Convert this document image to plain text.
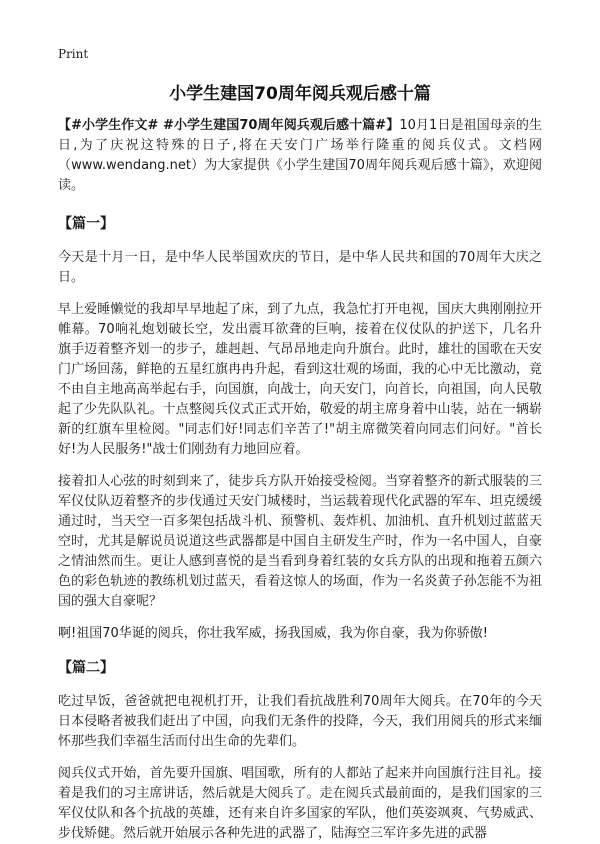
Print
小学生建国70周年阅兵观后感十篇

【#小学生作文# #小学生建国70周年阅兵观后感十篇#】10月1日是祖国母亲的生日,为了庆祝这特殊的日子,将在天安门广场举行隆重的阅兵仪式。文档网（www.wendang.net）为大家提供《小学生建国70周年阅兵观后感十篇》，欢迎阅读。

【篇一】

今天是十月一日，是中华人民举国欢庆的节日，是中华人民共和国的70周年大庆之日。

早上爱睡懒觉的我却早早地起了床，到了九点，我急忙打开电视，国庆大典刚刚拉开帷幕。70响礼炮划破长空，发出震耳欲聋的巨响，接着在仪仗队的护送下，几名升旗手迈着整齐划一的步子，雄赳赳、气昂昂地走向升旗台。此时，雄壮的国歌在天安门广场回荡，鲜艳的五星红旗冉冉升起，看到这壮观的场面，我的心中无比激动，竟不由自主地高高举起右手，向国旗，向战士，向天安门，向首长，向祖国，向人民敬起了少先队队礼。十点整阅兵仪式正式开始，敬爱的胡主席身着中山装，站在一辆崭新的红旗车里检阅。"同志们好!同志们辛苦了!"胡主席微笑着向同志们问好。"首长好!为人民服务!"战士们刚劲有力地回应着。

接着扣人心弦的时刻到来了，徒步兵方队开始接受检阅。当穿着整齐的新式服装的三军仪仗队迈着整齐的步伐通过天安门城楼时，当运载着现代化武器的军车、坦克缓缓通过时，当天空一百多架包括战斗机、预警机、轰炸机、加油机、直升机划过蓝蓝天空时，尤其是解说员说道这些武器都是中国自主研发生产时，作为一名中国人，自豪之情油然而生。更让人感到喜悦的是当看到身着红装的女兵方队的出现和拖着五颜六色的彩色轨迹的教练机划过蓝天，看着这惊人的场面，作为一名炎黄子孙怎能不为祖国的强大自豪呢？

啊!祖国70华诞的阅兵，你壮我军威，扬我国威，我为你自豪，我为你骄傲!

【篇二】

吃过早饭，爸爸就把电视机打开，让我们看抗战胜利70周年大阅兵。在70年的今天日本侵略者被我们赶出了中国，向我们无条件的投降，今天，我们用阅兵的形式来缅怀那些我们幸福生活而付出生命的先辈们。

阅兵仪式开始，首先要升国旗、唱国歌，所有的人都站了起来并向国旗行注目礼。接着是我们的习主席讲话，然后就是大阅兵了。走在阅兵式最前面的，是我们国家的三军仪仗队和各个抗战的英雄，还有来自许多国家的军队，他们英姿飒爽、气势威武、步伐矫健。然后就开始展示各种先进的武器了，陆海空三军许多先进的武器
